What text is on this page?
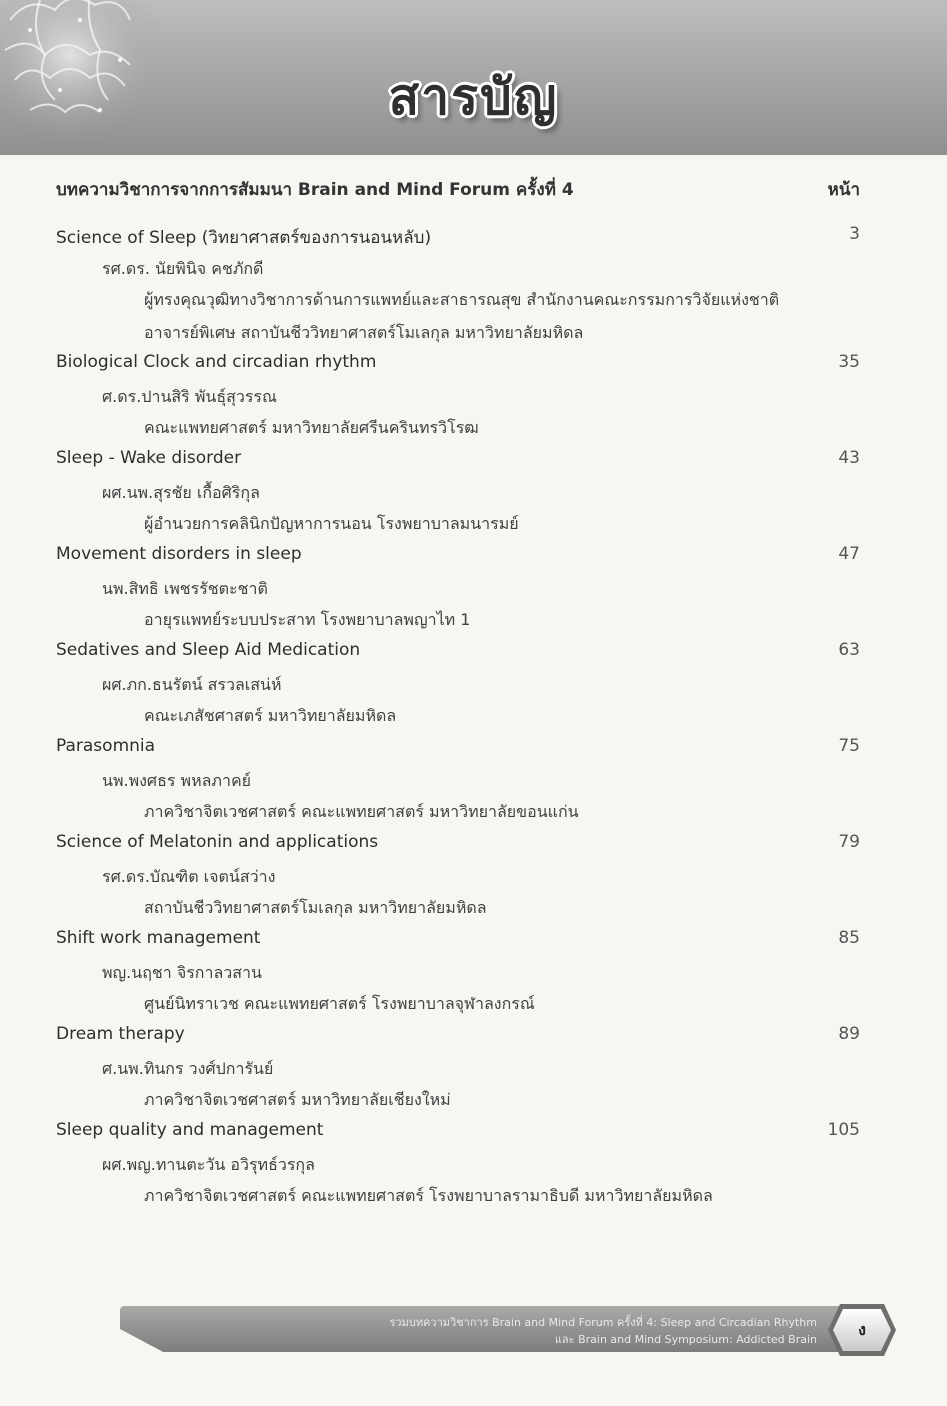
สารบัญ
บทความวิชาการจากการสัมมนา Brain and Mind Forum ครั้งที่ 4	หน้า
Science of Sleep (วิทยาศาสตร์ของการนอนหลับ)	3
รศ.ดร. นัยพินิจ คชภักดี
ผู้ทรงคุณวุฒิทางวิชาการด้านการแพทย์และสาธารณสุข สำนักงานคณะกรรมการวิจัยแห่งชาติ
อาจารย์พิเศษ สถาบันชีววิทยาศาสตร์โมเลกุล มหาวิทยาลัยมหิดล
Biological Clock and circadian rhythm	35
ศ.ดร.ปานสิริ พันธุ์สุวรรณ
คณะแพทยศาสตร์ มหาวิทยาลัยศรีนครินทรวิโรฒ
Sleep - Wake disorder	43
ผศ.นพ.สุรชัย เกื้อศิริกุล
ผู้อำนวยการคลินิกปัญหาการนอน โรงพยาบาลมนารมย์
Movement disorders in sleep	47
นพ.สิทธิ เพชรรัชตะชาติ
อายุรแพทย์ระบบประสาท โรงพยาบาลพญาไท 1
Sedatives and Sleep Aid Medication	63
ผศ.ภก.ธนรัตน์ สรวลเสน่ห์
คณะเภสัชศาสตร์ มหาวิทยาลัยมหิดล
Parasomnia	75
นพ.พงศธร พหลภาคย์
ภาควิชาจิตเวชศาสตร์ คณะแพทยศาสตร์ มหาวิทยาลัยขอนแก่น
Science of Melatonin and applications	79
รศ.ดร.บัณฑิต เจตน์สว่าง
สถาบันชีววิทยาศาสตร์โมเลกุล มหาวิทยาลัยมหิดล
Shift work management	85
พญ.นฤชา จิรกาลวสาน
ศูนย์นิทราเวช คณะแพทยศาสตร์ โรงพยาบาลจุฬาลงกรณ์
Dream therapy	89
ศ.นพ.ทินกร วงศ์ปการันย์
ภาควิชาจิตเวชศาสตร์ มหาวิทยาลัยเชียงใหม่
Sleep quality and management	105
ผศ.พญ.ทานตะวัน อวิรุทธ์วรกุล
ภาควิชาจิตเวชศาสตร์ คณะแพทยศาสตร์ โรงพยาบาลรามาธิบดี มหาวิทยาลัยมหิดล
รวมบทความวิชาการ Brain and Mind Forum ครั้งที่ 4: Sleep and Circadian Rhythm
และ Brain and Mind Symposium: Addicted Brain
ง
